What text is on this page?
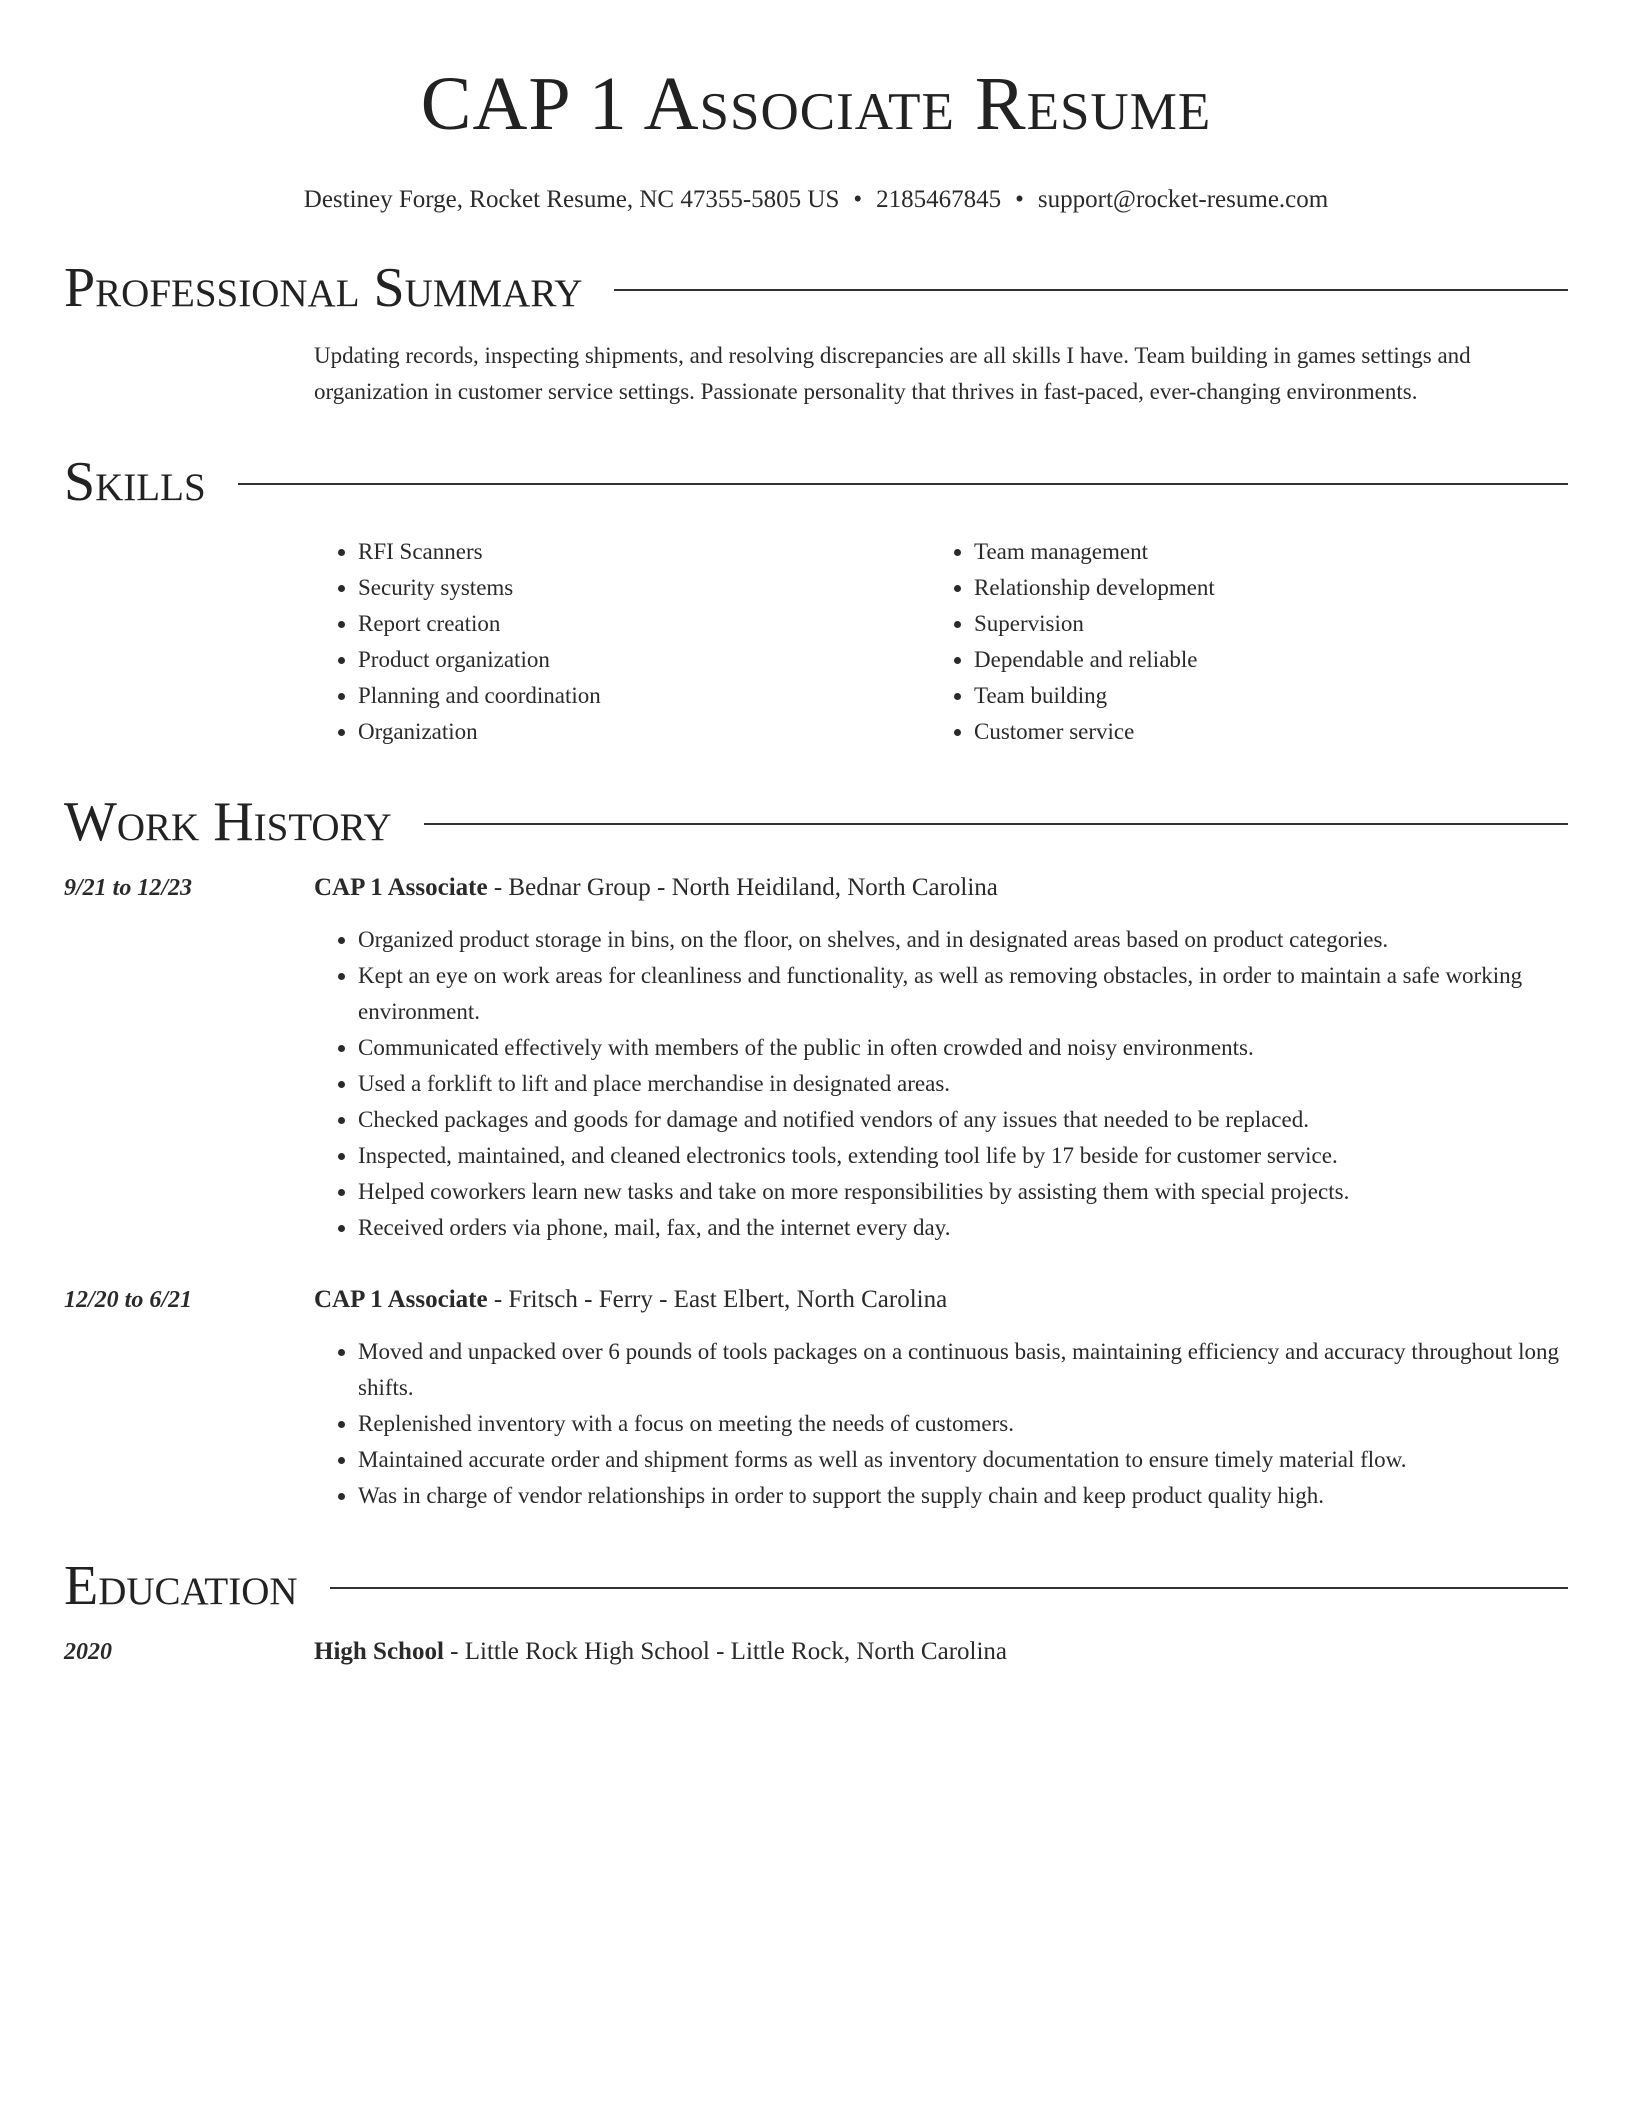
CAP 1 Associate Resume
Destiney Forge, Rocket Resume, NC 47355-5805 US • 2185467845 • support@rocket-resume.com
Professional Summary

Updating records, inspecting shipments, and resolving discrepancies are all skills I have. Team building in games settings and organization in customer service settings. Passionate personality that thrives in fast-paced, ever-changing environments.

Skills
• RFI Scanners
• Security systems
• Report creation
• Product organization
• Planning and coordination
• Organization
• Team management
• Relationship development
• Supervision
• Dependable and reliable
• Team building
• Customer service
Work History
9/21 to 12/23	CAP 1 Associate - Bednar Group - North Heidiland, North Carolina
• Organized product storage in bins, on the floor, on shelves, and in designated areas based on product categories.
• Kept an eye on work areas for cleanliness and functionality, as well as removing obstacles, in order to maintain a safe working environment.
• Communicated effectively with members of the public in often crowded and noisy environments.
• Used a forklift to lift and place merchandise in designated areas.
• Checked packages and goods for damage and notified vendors of any issues that needed to be replaced.
• Inspected, maintained, and cleaned electronics tools, extending tool life by 17 beside for customer service.
• Helped coworkers learn new tasks and take on more responsibilities by assisting them with special projects.
• Received orders via phone, mail, fax, and the internet every day.
12/20 to 6/21	CAP 1 Associate - Fritsch - Ferry - East Elbert, North Carolina
• Moved and unpacked over 6 pounds of tools packages on a continuous basis, maintaining efficiency and accuracy throughout long shifts.
• Replenished inventory with a focus on meeting the needs of customers.
• Maintained accurate order and shipment forms as well as inventory documentation to ensure timely material flow.
• Was in charge of vendor relationships in order to support the supply chain and keep product quality high.
Education
2020	High School - Little Rock High School - Little Rock, North Carolina
